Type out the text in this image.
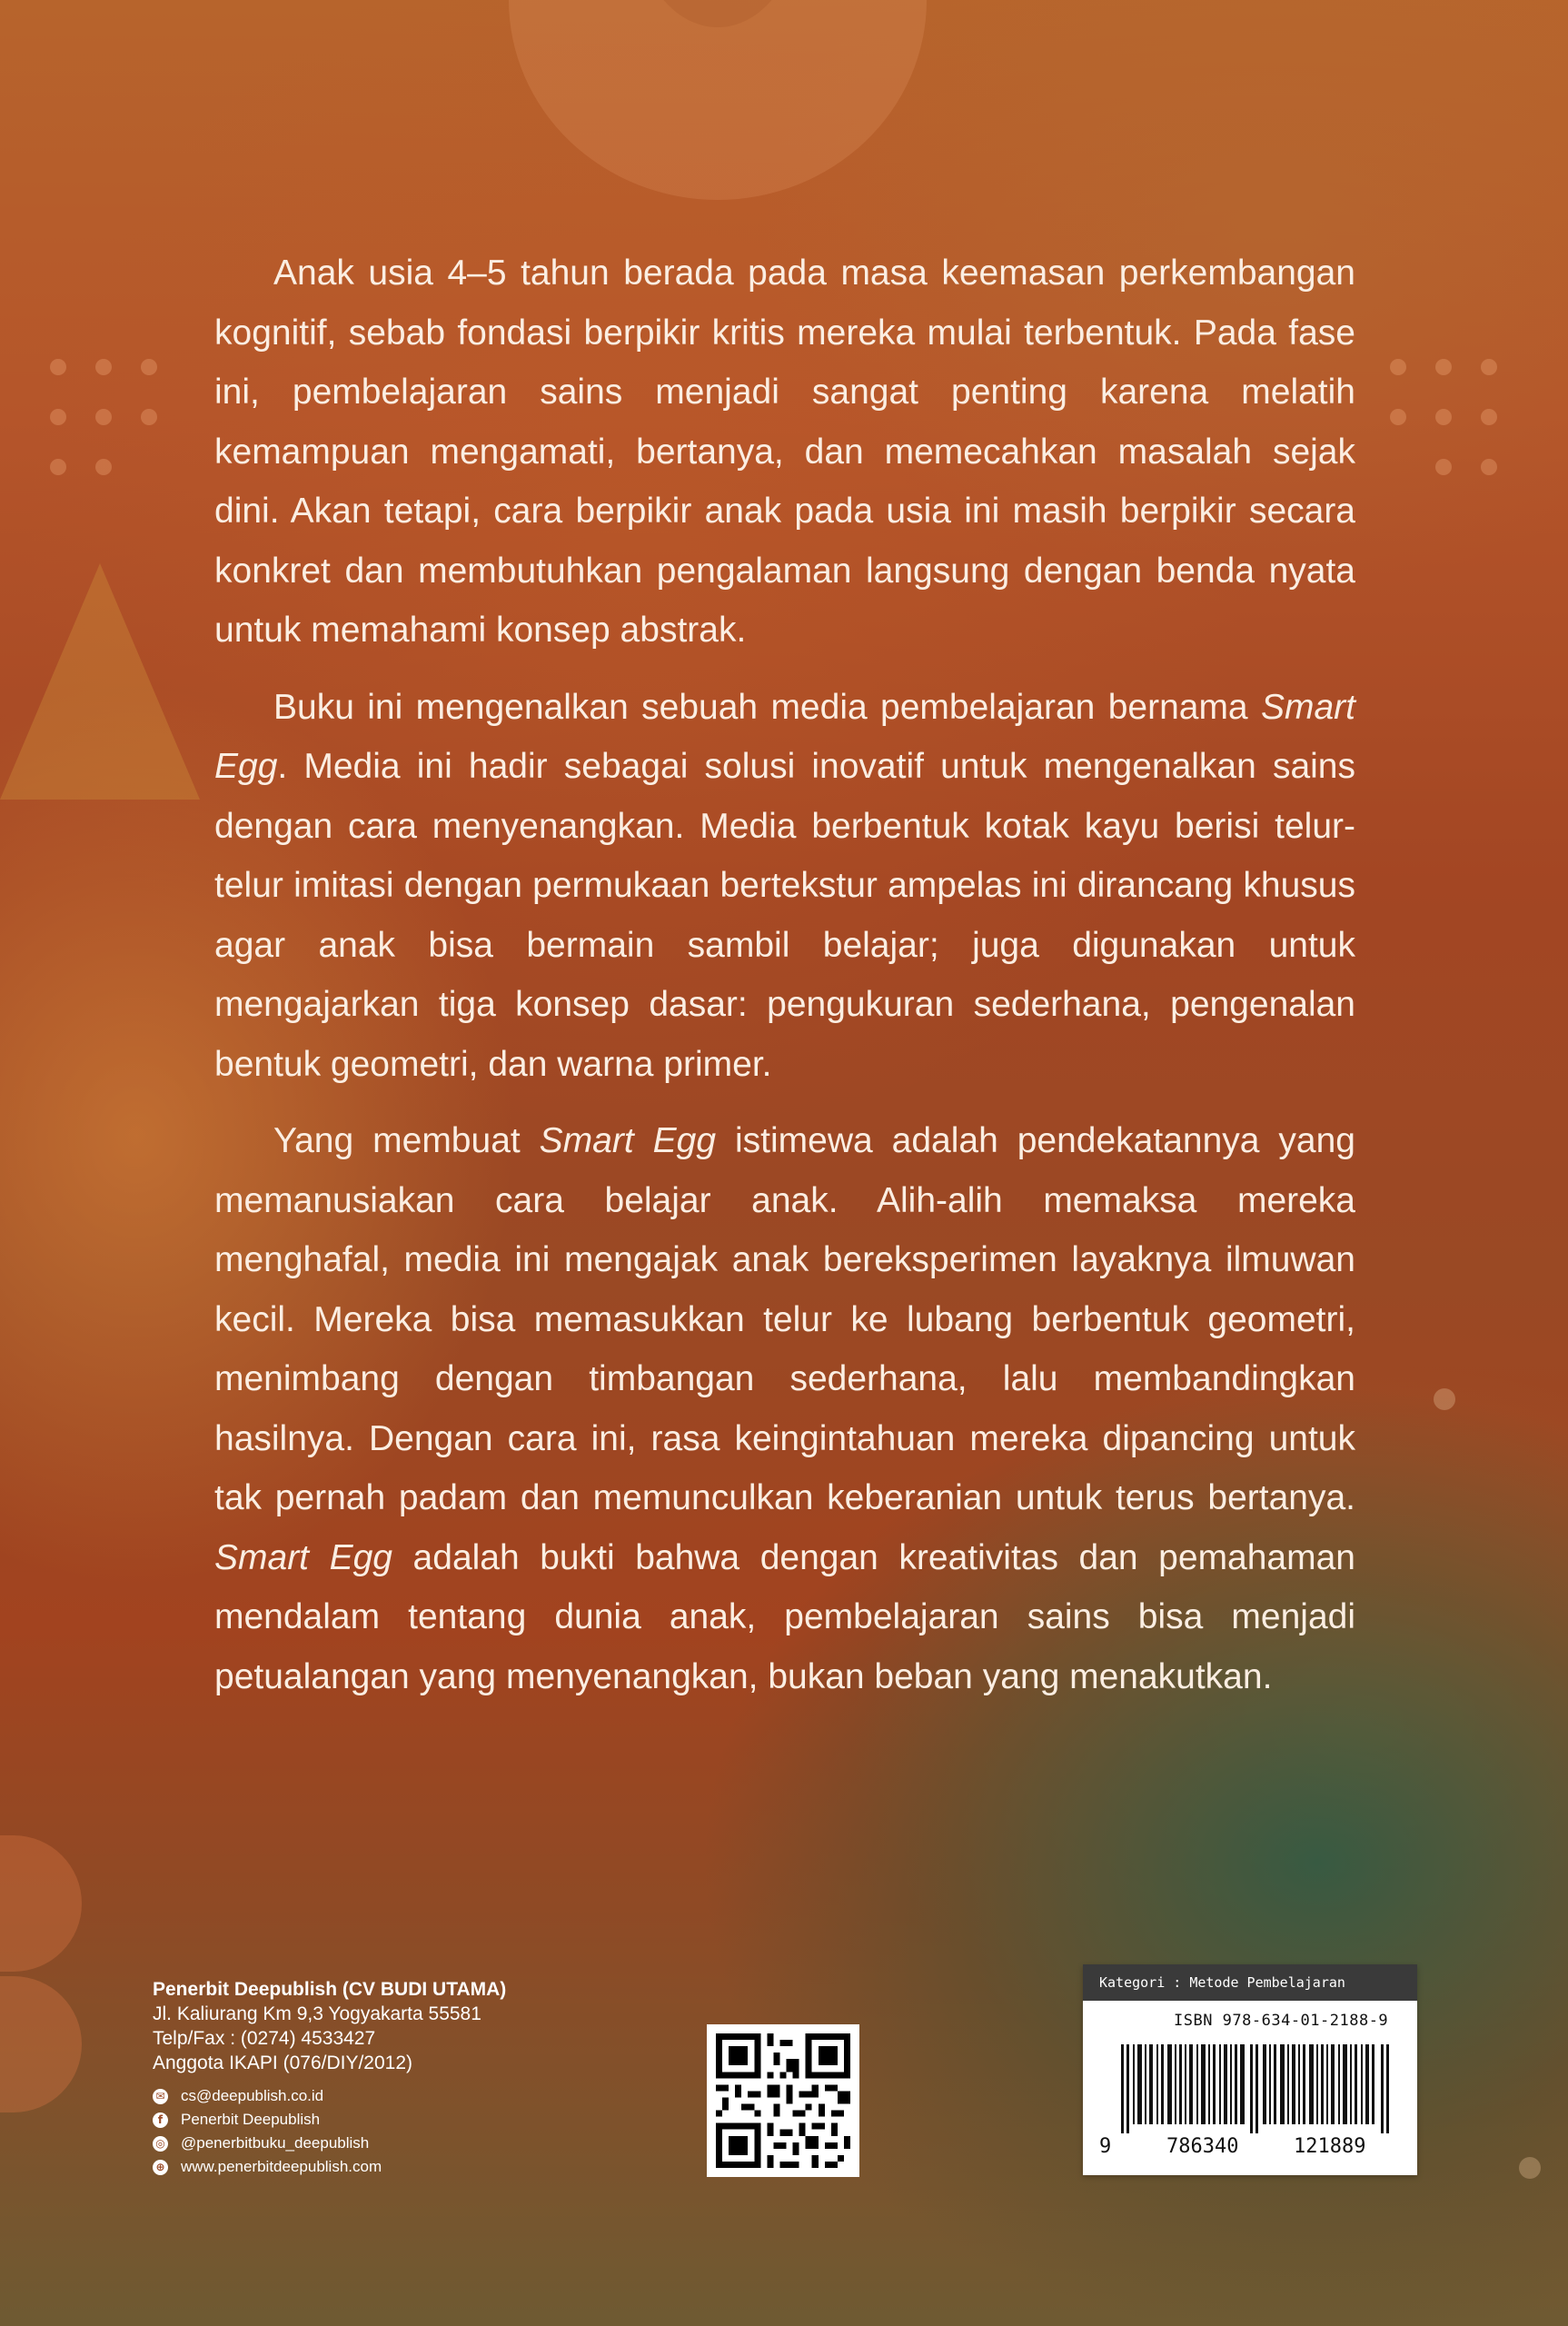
Anak usia 4–5 tahun berada pada masa keemasan perkembangan kognitif, sebab fondasi berpikir kritis mereka mulai terbentuk. Pada fase ini, pembelajaran sains menjadi sangat penting karena melatih kemampuan mengamati, bertanya, dan memecahkan masalah sejak dini. Akan tetapi, cara berpikir anak pada usia ini masih berpikir secara konkret dan membutuhkan pengalaman langsung dengan benda nyata untuk memahami konsep abstrak.

Buku ini mengenalkan sebuah media pembelajaran bernama Smart Egg. Media ini hadir sebagai solusi inovatif untuk mengenalkan sains dengan cara menyenangkan. Media berbentuk kotak kayu berisi telur-telur imitasi dengan permukaan bertekstur ampelas ini dirancang khusus agar anak bisa bermain sambil belajar; juga digunakan untuk mengajarkan tiga konsep dasar: pengukuran sederhana, pengenalan bentuk geometri, dan warna primer.

Yang membuat Smart Egg istimewa adalah pendekatannya yang memanusiakan cara belajar anak. Alih-alih memaksa mereka menghafal, media ini mengajak anak bereksperimen layaknya ilmuwan kecil. Mereka bisa memasukkan telur ke lubang berbentuk geometri, menimbang dengan timbangan sederhana, lalu membandingkan hasilnya. Dengan cara ini, rasa keingintahuan mereka dipancing untuk tak pernah padam dan memunculkan keberanian untuk terus bertanya. Smart Egg adalah bukti bahwa dengan kreativitas dan pemahaman mendalam tentang dunia anak, pembelajaran sains bisa menjadi petualangan yang menyenangkan, bukan beban yang menakutkan.

Penerbit Deepublish (CV BUDI UTAMA)
Jl. Kaliurang Km 9,3 Yogyakarta 55581
Telp/Fax : (0274) 4533427
Anggota IKAPI (076/DIY/2012)
✉ cs@deepublish.co.id
f	Penerbit Deepublish
◎ @penerbitbuku_deepublish
⊕ www.penerbitdeepublish.com
Kategori : Metode Pembelajaran
ISBN 978-634-01-2188-9
9	786340	121889
